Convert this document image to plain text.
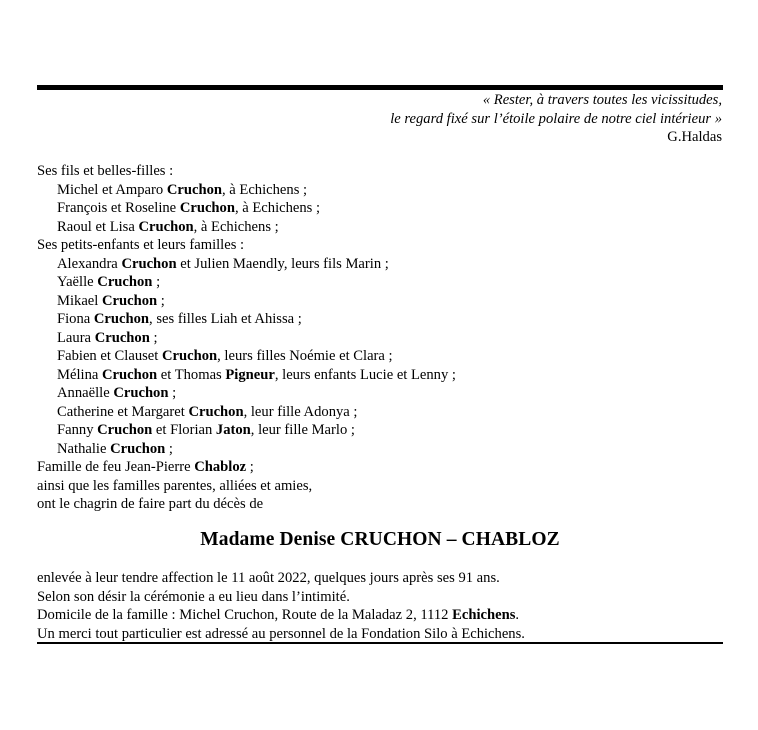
« Rester, à travers toutes les vicissitudes,
le regard fixé sur l’étoile polaire de notre ciel intérieur »
G.Haldas
Ses fils et belles-filles :
Michel et Amparo Cruchon, à Echichens ;
François et Roseline Cruchon, à Echichens ;
Raoul et Lisa Cruchon, à Echichens ;
Ses petits-enfants et leurs familles :
Alexandra Cruchon et Julien Maendly, leurs fils Marin ;
Yaëlle Cruchon ;
Mikael Cruchon ;
Fiona Cruchon, ses filles Liah et Ahissa ;
Laura Cruchon ;
Fabien et Clauset Cruchon, leurs filles Noémie et Clara ;
Mélina Cruchon et Thomas Pigneur, leurs enfants Lucie et Lenny ;
Annaëlle Cruchon ;
Catherine et Margaret Cruchon, leur fille Adonya ;
Fanny Cruchon et Florian Jaton, leur fille Marlo ;
Nathalie Cruchon ;
Famille de feu Jean-Pierre Chabloz ;
ainsi que les familles parentes, alliées et amies,
ont le chagrin de faire part du décès de
Madame Denise CRUCHON – CHABLOZ
enlevée à leur tendre affection le 11 août 2022, quelques jours après ses 91 ans.
Selon son désir la cérémonie a eu lieu dans l’intimité.
Domicile de la famille : Michel Cruchon, Route de la Maladaz 2, 1112 Echichens.
Un merci tout particulier est adressé au personnel de la Fondation Silo à Echichens.
